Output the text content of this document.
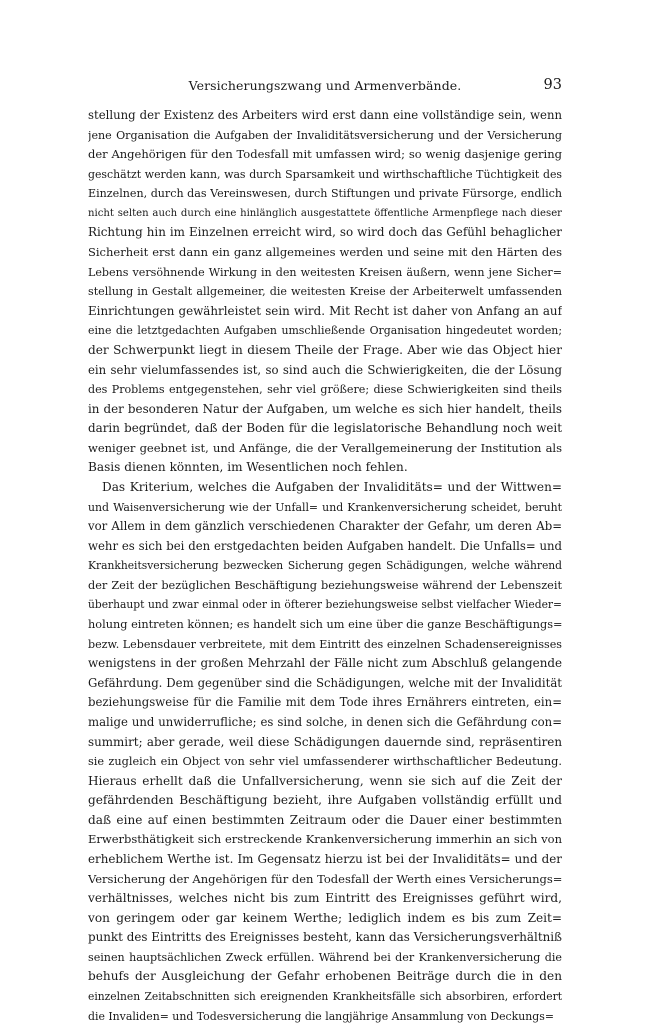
Versicherungszwang und Armenverbände.	93

stellung der Existenz des Arbeiters wird erst dann eine vollständige sein, wenn
jene Organisation die Aufgaben der Invaliditätsversicherung und der Versicherung
der Angehörigen für den Todesfall mit umfassen wird; so wenig dasjenige gering
geschätzt werden kann, was durch Sparsamkeit und wirthschaftliche Tüchtigkeit des
Einzelnen, durch das Vereinswesen, durch Stiftungen und private Fürsorge, endlich
nicht selten auch durch eine hinlänglich ausgestattete öffentliche Armenpflege nach dieser
Richtung hin im Einzelnen erreicht wird, so wird doch das Gefühl behaglicher
Sicherheit erst dann ein ganz allgemeines werden und seine mit den Härten des
Lebens versöhnende Wirkung in den weitesten Kreisen äußern, wenn jene Sicher=
stellung in Gestalt allgemeiner, die weitesten Kreise der Arbeiterwelt umfassenden
Einrichtungen gewährleistet sein wird. Mit Recht ist daher von Anfang an auf
eine die letztgedachten Aufgaben umschließende Organisation hingedeutet worden;
der Schwerpunkt liegt in diesem Theile der Frage. Aber wie das Object hier
ein sehr vielumfassendes ist, so sind auch die Schwierigkeiten, die der Lösung
des Problems entgegenstehen, sehr viel größere; diese Schwierigkeiten sind theils
in der besonderen Natur der Aufgaben, um welche es sich hier handelt, theils
darin begründet, daß der Boden für die legislatorische Behandlung noch weit
weniger geebnet ist, und Anfänge, die der Verallgemeinerung der Institution als
Basis dienen könnten, im Wesentlichen noch fehlen.

Das Kriterium, welches die Aufgaben der Invaliditäts= und der Wittwen=
und Waisenversicherung wie der Unfall= und Krankenversicherung scheidet, beruht
vor Allem in dem gänzlich verschiedenen Charakter der Gefahr, um deren Ab=
wehr es sich bei den erstgedachten beiden Aufgaben handelt. Die Unfalls= und
Krankheitsversicherung bezwecken Sicherung gegen Schädigungen, welche während
der Zeit der bezüglichen Beschäftigung beziehungsweise während der Lebenszeit
überhaupt und zwar einmal oder in öfterer beziehungsweise selbst vielfacher Wieder=
holung eintreten können; es handelt sich um eine über die ganze Beschäftigungs=
bezw. Lebensdauer verbreitete, mit dem Eintritt des einzelnen Schadensereignisses
wenigstens in der großen Mehrzahl der Fälle nicht zum Abschluß gelangende
Gefährdung. Dem gegenüber sind die Schädigungen, welche mit der Invalidität
beziehungsweise für die Familie mit dem Tode ihres Ernährers eintreten, ein=
malige und unwiderrufliche; es sind solche, in denen sich die Gefährdung con=
summirt; aber gerade, weil diese Schädigungen dauernde sind, repräsentiren
sie zugleich ein Object von sehr viel umfassenderer wirthschaftlicher Bedeutung.
Hieraus erhellt daß die Unfallversicherung, wenn sie sich auf die Zeit der
gefährdenden Beschäftigung bezieht, ihre Aufgaben vollständig erfüllt und
daß eine auf einen bestimmten Zeitraum oder die Dauer einer bestimmten
Erwerbsthätigkeit sich erstreckende Krankenversicherung immerhin an sich von
erheblichem Werthe ist. Im Gegensatz hierzu ist bei der Invaliditäts= und der
Versicherung der Angehörigen für den Todesfall der Werth eines Versicherungs=
verhältnisses, welches nicht bis zum Eintritt des Ereignisses geführt wird,
von geringem oder gar keinem Werthe; lediglich indem es bis zum Zeit=
punkt des Eintritts des Ereignisses besteht, kann das Versicherungsverhältniß
seinen hauptsächlichen Zweck erfüllen. Während bei der Krankenversicherung die
behufs der Ausgleichung der Gefahr erhobenen Beiträge durch die in den
einzelnen Zeitabschnitten sich ereignenden Krankheitsfälle sich absorbiren, erfordert
die Invaliden= und Todesversicherung die langjährige Ansammlung von Deckungs=
